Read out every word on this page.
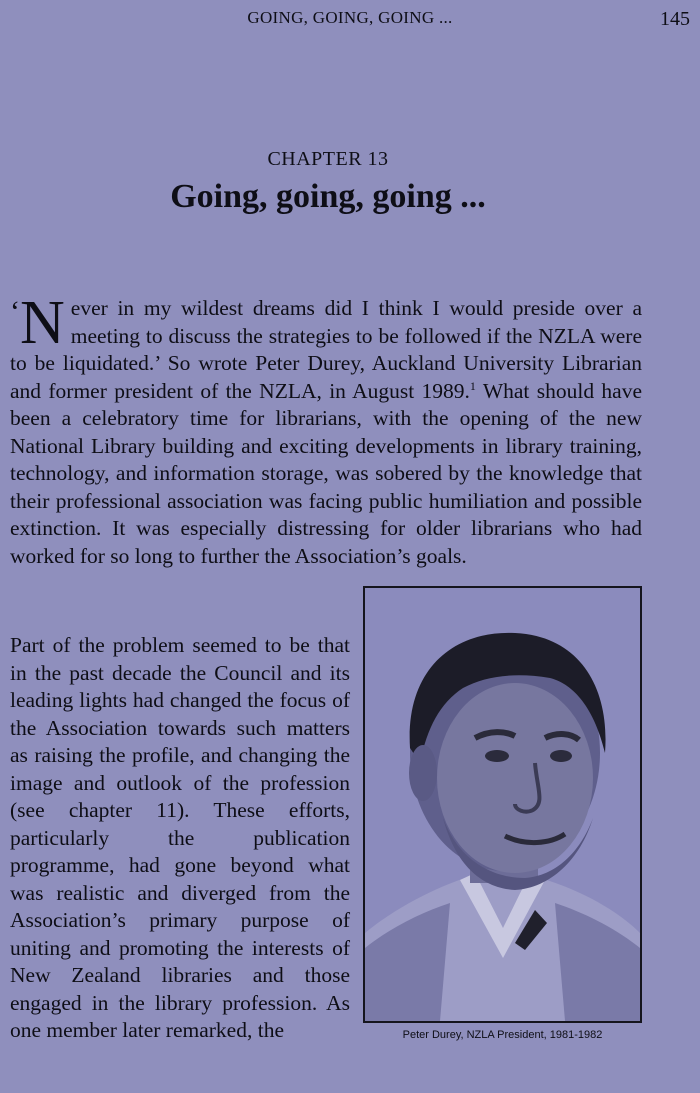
GOING, GOING, GOING ...	145
CHAPTER 13
Going, going, going ...

‘N ever in my wildest dreams did I think I would preside over a meeting to discuss the strategies to be followed if the NZLA were to be liquidated.’ So wrote Peter Durey, Auckland University Librarian and former president of the NZLA, in August 1989.$^1$ What should have been a celebratory time for librarians, with the opening of the new National Library building and exciting developments in library training, technology, and information storage, was sobered by the knowledge that their professional association was facing public humiliation and possible extinction. It was especially distressing for older librarians who had worked for so long to further the Association’s goals.

Part of the problem seemed to be that in the past decade the Council and its leading lights had changed the focus of the Association towards such matters as raising the profile, and changing the image and outlook of the profession (see chapter 11). These efforts, particularly the publication programme, had gone beyond what was realistic and diverged from the Association’s primary purpose of uniting and promoting the interests of New Zealand libraries and those engaged in the library profession. As one member later remarked, the	Peter Durey, NZLA President, 1981-1982
